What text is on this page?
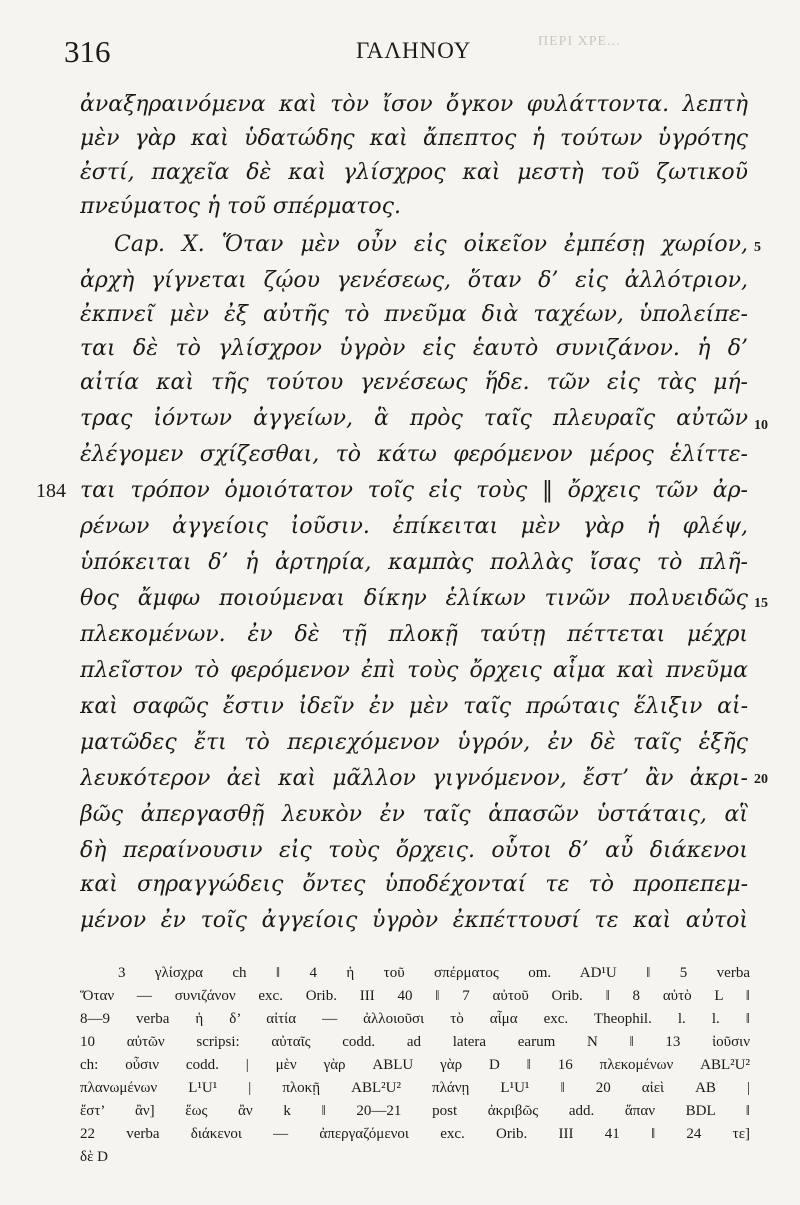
316	ΓΑΛΗΝΟΥ	ΠΕΡΙ ΧΡΕ...
ἀναξηραινόμενα καὶ τὸν ἴσον ὄγκον φυλάττοντα. λεπτὴ
μὲν γὰρ καὶ ὑδατώδης καὶ ἄπεπτος ἡ τούτων ὑγρότης
ἐστί, παχεῖα δὲ καὶ γλίσχρος καὶ μεστὴ τοῦ ζωτικοῦ
πνεύματος ἡ τοῦ σπέρματος.
Cap. X. Ὅταν μὲν οὖν εἰς οἰκεῖον ἐμπέσῃ χωρίον,
ἀρχὴ γίγνεται ζῴου γενέσεως, ὅταν δ’ εἰς ἀλλότριον,
ἐκπνεῖ μὲν ἐξ αὐτῆς τὸ πνεῦμα διὰ ταχέων, ὑπολείπε-
ται δὲ τὸ γλίσχρον ὑγρὸν εἰς ἑαυτὸ συνιζάνον. ἡ δ’
αἰτία καὶ τῆς τούτου γενέσεως ἥδε. τῶν εἰς τὰς μή-
τρας ἰόντων ἀγγείων, ἃ πρὸς ταῖς πλευραῖς αὐτῶν
ἐλέγομεν σχίζεσθαι, τὸ κάτω φερόμενον μέρος ἑλίττε-
ται τρόπον ὁμοιότατον τοῖς εἰς τοὺς ‖ ὄρχεις τῶν ἀρ-
ρένων ἀγγείοις ἰοῦσιν. ἐπίκειται μὲν γὰρ ἡ φλέψ,
ὑπόκειται δ’ ἡ ἀρτηρία, καμπὰς πολλὰς ἴσας τὸ πλῆ-
θος ἄμφω ποιούμεναι δίκην ἑλίκων τινῶν πολυειδῶς
πλεκομένων. ἐν δὲ τῇ πλοκῇ ταύτῃ πέττεται μέχρι
πλεῖστον τὸ φερόμενον ἐπὶ τοὺς ὄρχεις αἷμα καὶ πνεῦμα
καὶ σαφῶς ἔστιν ἰδεῖν ἐν μὲν ταῖς πρώταις ἕλιξιν αἱ-
ματῶδες ἔτι τὸ περιεχόμενον ὑγρόν, ἐν δὲ ταῖς ἑξῆς
λευκότερον ἀεὶ καὶ μᾶλλον γιγνόμενον, ἔστ’ ἂν ἀκρι-
βῶς ἀπεργασθῇ λευκὸν ἐν ταῖς ἁπασῶν ὑστάταις, αἳ
δὴ περαίνουσιν εἰς τοὺς ὄρχεις. οὗτοι δ’ αὖ διάκενοι
καὶ σηραγγώδεις ὄντες ὑποδέχονταί τε τὸ προπεπεμ-
μένον ἐν τοῖς ἀγγείοις ὑγρὸν ἐκπέττουσί τε καὶ αὐτοὶ
184
5
10
15
20
3 γλίσχρα ch ‖ 4 ἡ τοῦ σπέρματος om. AD¹U ‖ 5 verba
Ὅταν — συνιζάνον exc. Orib. III 40 ‖ 7 αὐτοῦ Orib. ‖ 8 αὐτὸ L ‖
8—9 verba ἡ δ’ αἰτία — ἀλλοιοῦσι τὸ αἷμα exc. Theophil. l. l. ‖
10 αὐτῶν scripsi: αὐταῖς codd. ad latera earum N ‖ 13 ἰοῦσιν
ch: οὖσιν codd. | μὲν γὰρ ABLU γὰρ D ‖ 16 πλεκομένων ABL²U²
πλανωμένων L¹U¹ | πλοκῇ ABL²U² πλάνῃ L¹U¹ ‖ 20 αἰεὶ AB |
ἔστ’ ἂν] ἕως ἂν k ‖ 20—21 post ἀκριβῶς add. ἅπαν BDL ‖
22 verba διάκενοι — ἀπεργαζόμενοι exc. Orib. III 41 ‖ 24 τε]
δὲ D
